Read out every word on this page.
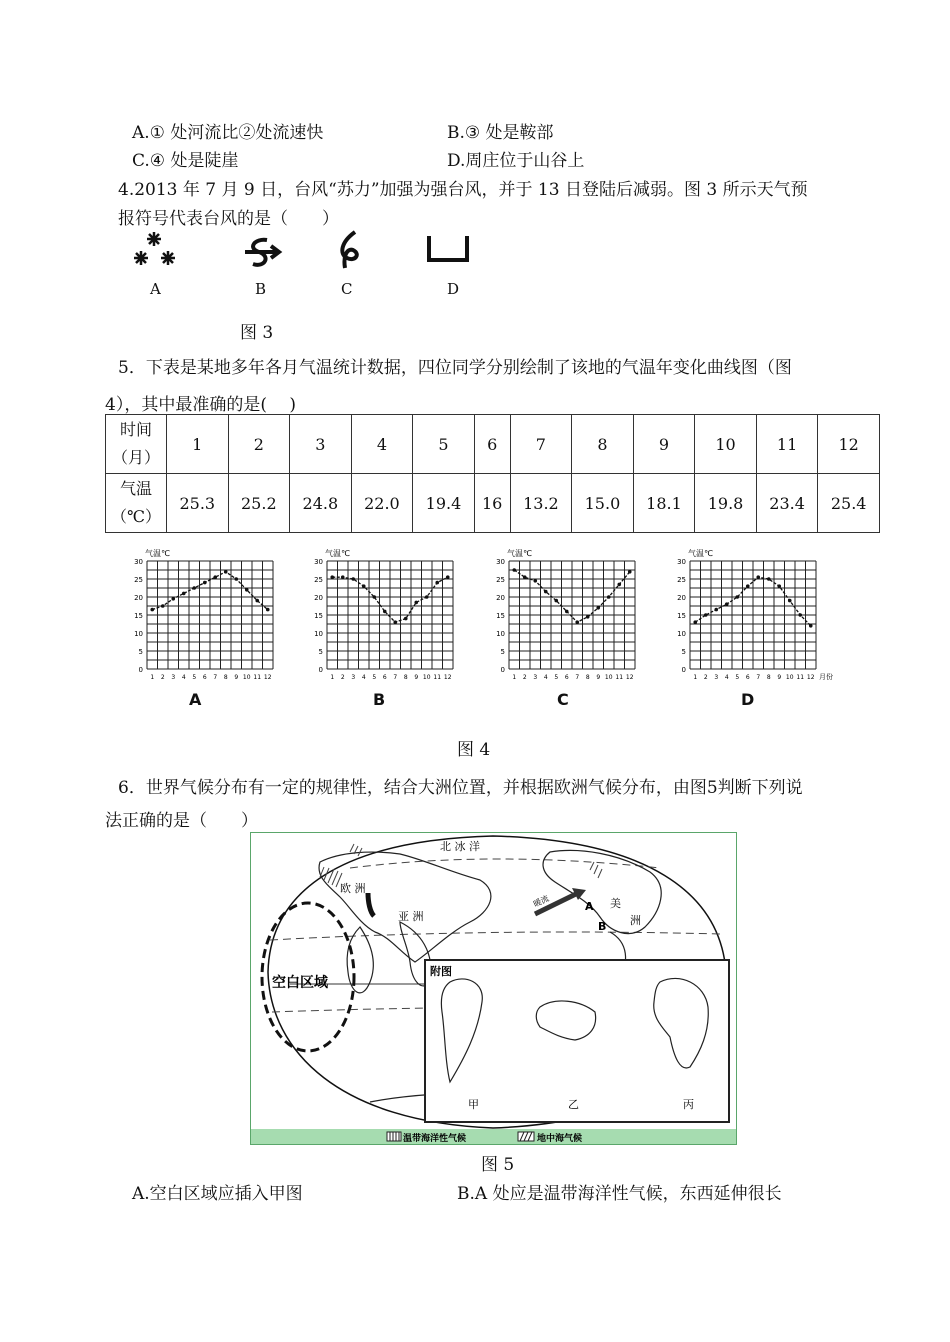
A.① 处河流比②处流速快	B.③ 处是鞍部
C.④ 处是陡崖	D.周庄位于山谷上
4.2013 年 7 月 9 日，台风“苏力”加强为强台风，并于 13 日登陆后减弱。图 3 所示天气预
报符号代表台风的是（　　）
A	B	C	D
图 3
5．下表是某地多年各月气温统计数据，四位同学分别绘制了该地的气温年变化曲线图（图
4），其中最准确的是(　 )
时间
（月）	1	2	3	4	5	6	7	8	9	10	11	12
气温
（℃）	25.3	25.2	24.8	22.0	19.4	16	13.2	15.0	18.1	19.8	23.4	25.4
气温℃
0
5
10
15
20
25
30
1 2 3 4 5 6 7 8 9 10 11 12
气温℃
0
5
10
15
20
25
30
1 2 3 4 5 6 7 8 9 10 11 12
气温℃
0
5
10
15
20
25
30
1 2 3 4 5 6 7 8 9 10 11 12
气温℃
0
5
10
15
20
25
30
1 2 3 4 5 6 7 8 9 10 11 12 月份
A	B	C	D
图 4
6．世界气候分布有一定的规律性，结合大洲位置，并根据欧洲气候分布，由图5判断下列说
法正确的是（　　）
北 冰 洋
欧 洲
亚 洲
美
洲
A
B
暖流
空白区域
附图
甲	乙	丙
温带海洋性气候	地中海气候
图 5
A.空白区域应插入甲图	B.A 处应是温带海洋性气候，东西延伸很长
